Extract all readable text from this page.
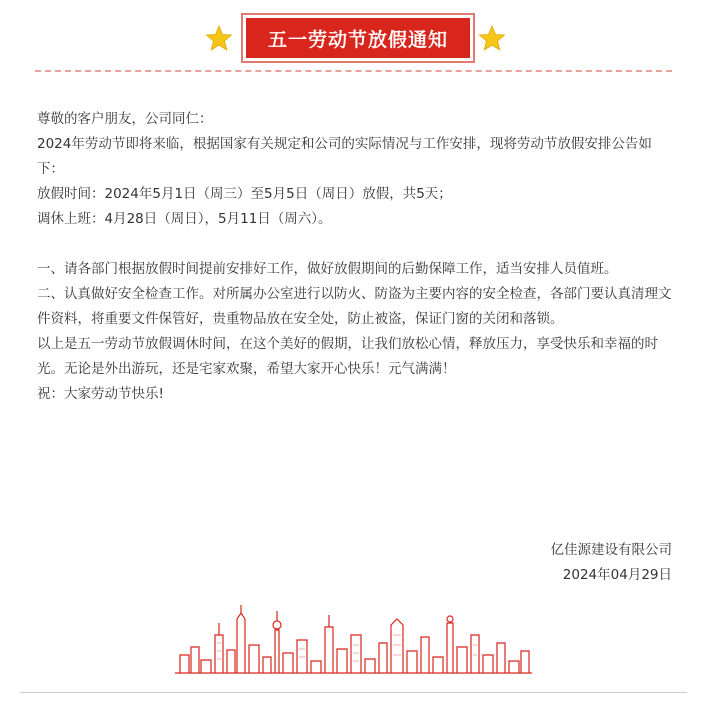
五一劳动节放假通知

尊敬的客户朋友，公司同仁：

2024年劳动节即将来临，根据国家有关规定和公司的实际情况与工作安排，现将劳动节放假安排公告如下：

放假时间：2024年5月1日（周三）至5月5日（周日）放假，共5天；

调休上班：4月28日（周日），5月11日（周六）。

一、请各部门根据放假时间提前安排好工作，做好放假期间的后勤保障工作，适当安排人员值班。

二、认真做好安全检查工作。对所属办公室进行以防火、防盗为主要内容的安全检查，各部门要认真清理文件资料，将重要文件保管好，贵重物品放在安全处，防止被盗，保证门窗的关闭和落锁。

以上是五一劳动节放假调休时间，在这个美好的假期，让我们放松心情，释放压力，享受快乐和幸福的时光。无论是外出游玩，还是宅家欢聚，希望大家开心快乐！元气满满！

祝：大家劳动节快乐!

亿佳源建设有限公司
2024年04月29日
